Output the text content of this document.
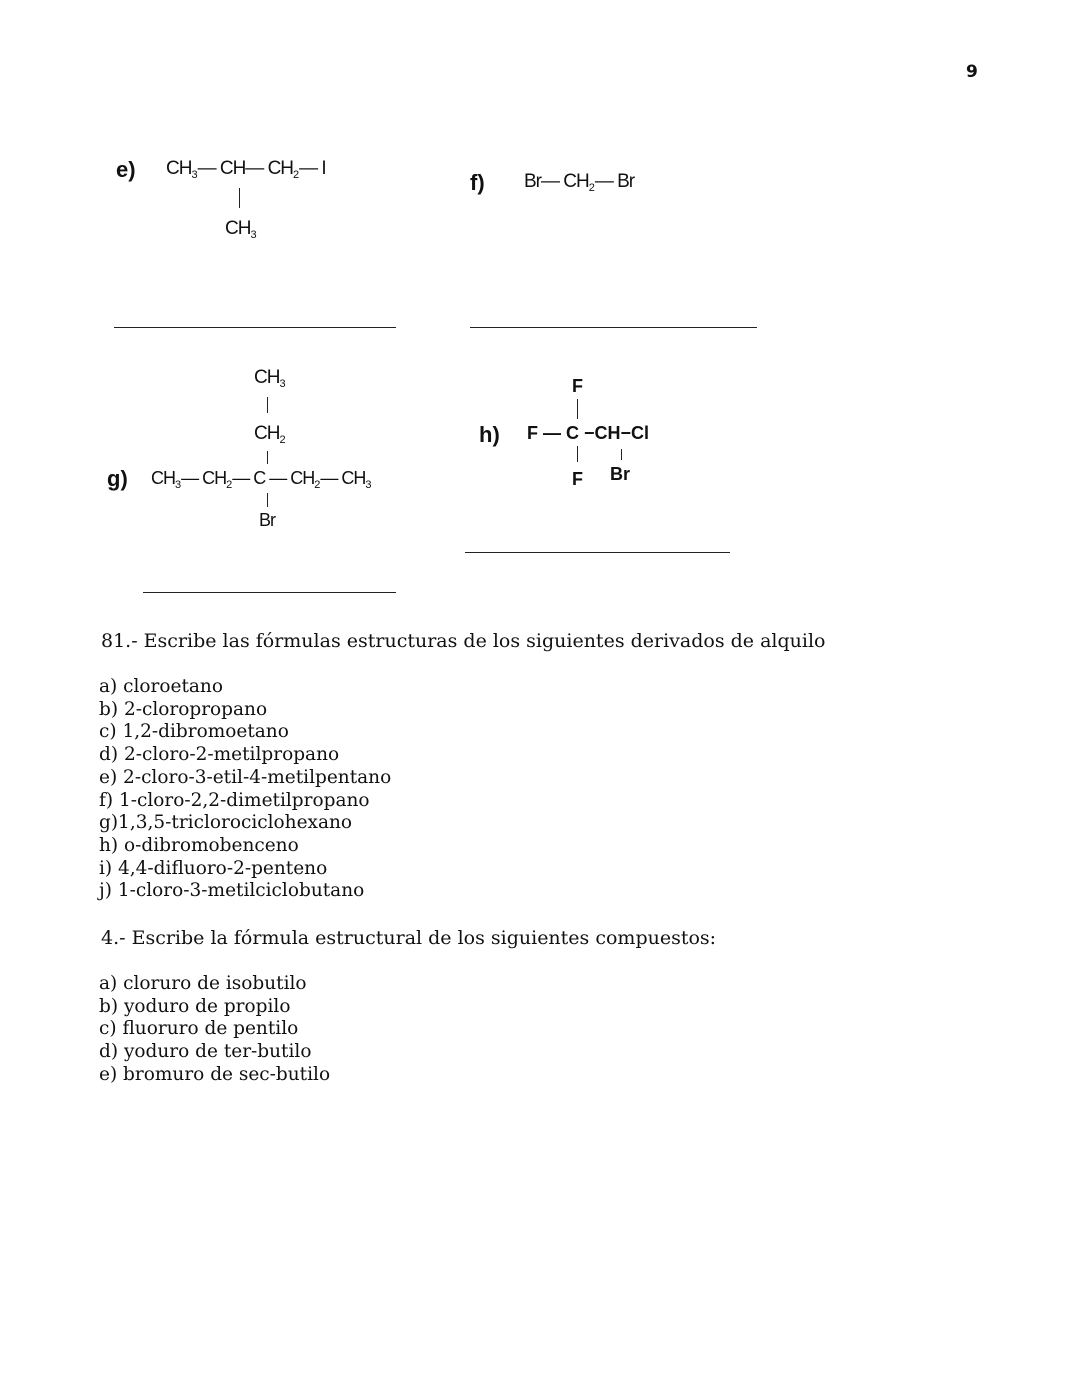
9
e) $CH_3—$ CH— $CH_2—$ I
$CH_3$
f) Br— $CH_2—$ Br
$CH_3$
$CH_2$
g) $CH_3—$ $CH_2—$ C — $CH_2—$ $CH_3$
Br
F
h) F — C −CH−Cl
F Br
81.- Escribe las fórmulas estructuras de los siguientes derivados de alquilo
a) cloroetano
b) 2-cloropropano
c) 1,2-dibromoetano
d) 2-cloro-2-metilpropano
e) 2-cloro-3-etil-4-metilpentano
f) 1-cloro-2,2-dimetilpropano
g)1,3,5-triclorociclohexano
h) o-dibromobenceno
i) 4,4-difluoro-2-penteno
j) 1-cloro-3-metilciclobutano
4.- Escribe la fórmula estructural de los siguientes compuestos:
a) cloruro de isobutilo
b) yoduro de propilo
c) fluoruro de pentilo
d) yoduro de ter-butilo
e) bromuro de sec-butilo
